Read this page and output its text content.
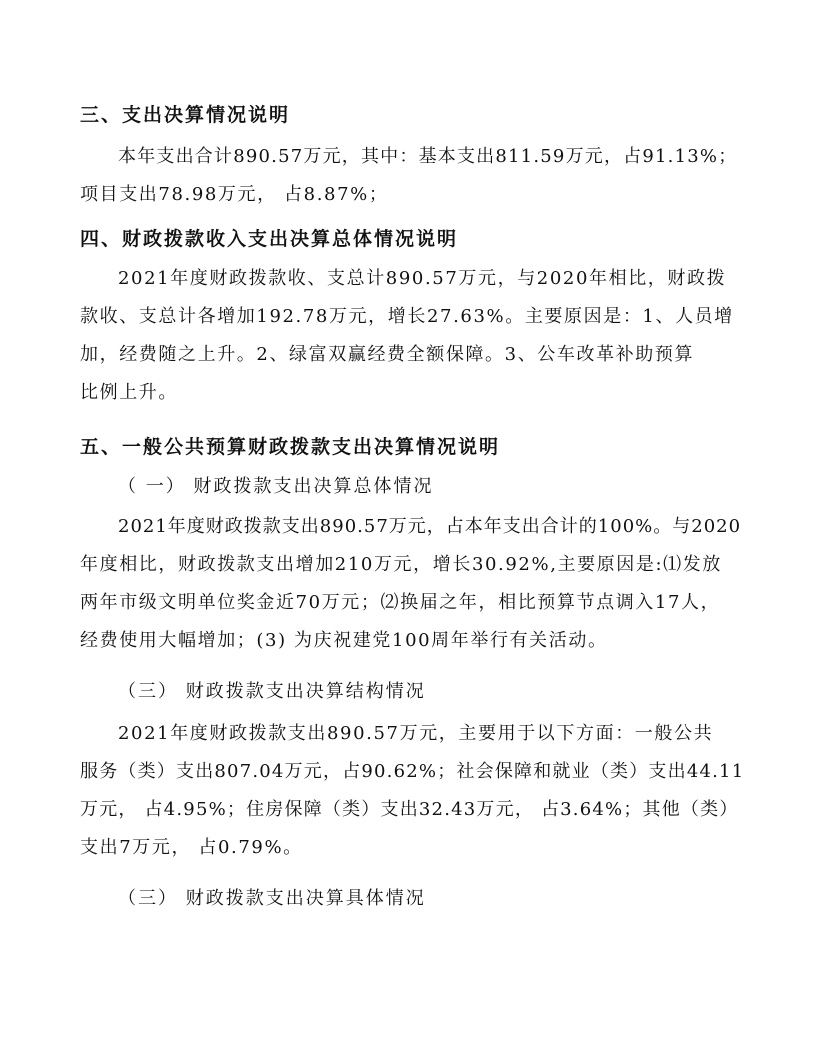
三、支出决算情况说明
本年支出合计890.57万元，其中：基本支出811.59万元，占91.13%；
项目支出78.98万元， 占8.87%；
四、财政拨款收入支出决算总体情况说明
2021年度财政拨款收、支总计890.57万元，与2020年相比，财政拨
款收、支总计各增加192.78万元，增长27.63%。主要原因是：1、人员增
加，经费随之上升。2、绿富双赢经费全额保障。3、公车改革补助预算
比例上升。
五、一般公共预算财政拨款支出决算情况说明
（ 一） 财政拨款支出决算总体情况
2021年度财政拨款支出890.57万元，占本年支出合计的100%。与2020
年度相比，财政拨款支出增加210万元，增长30.92%,主要原因是:⑴发放
两年市级文明单位奖金近70万元；⑵换届之年，相比预算节点调入17人，
经费使用大幅增加；(3) 为庆祝建党100周年举行有关活动。
（三） 财政拨款支出决算结构情况
2021年度财政拨款支出890.57万元，主要用于以下方面：一般公共
服务（类）支出807.04万元，占90.62%；社会保障和就业（类）支出44.11
万元， 占4.95%；住房保障（类）支出32.43万元， 占3.64%；其他（类）
支出7万元， 占0.79%。
（三） 财政拨款支出决算具体情况
